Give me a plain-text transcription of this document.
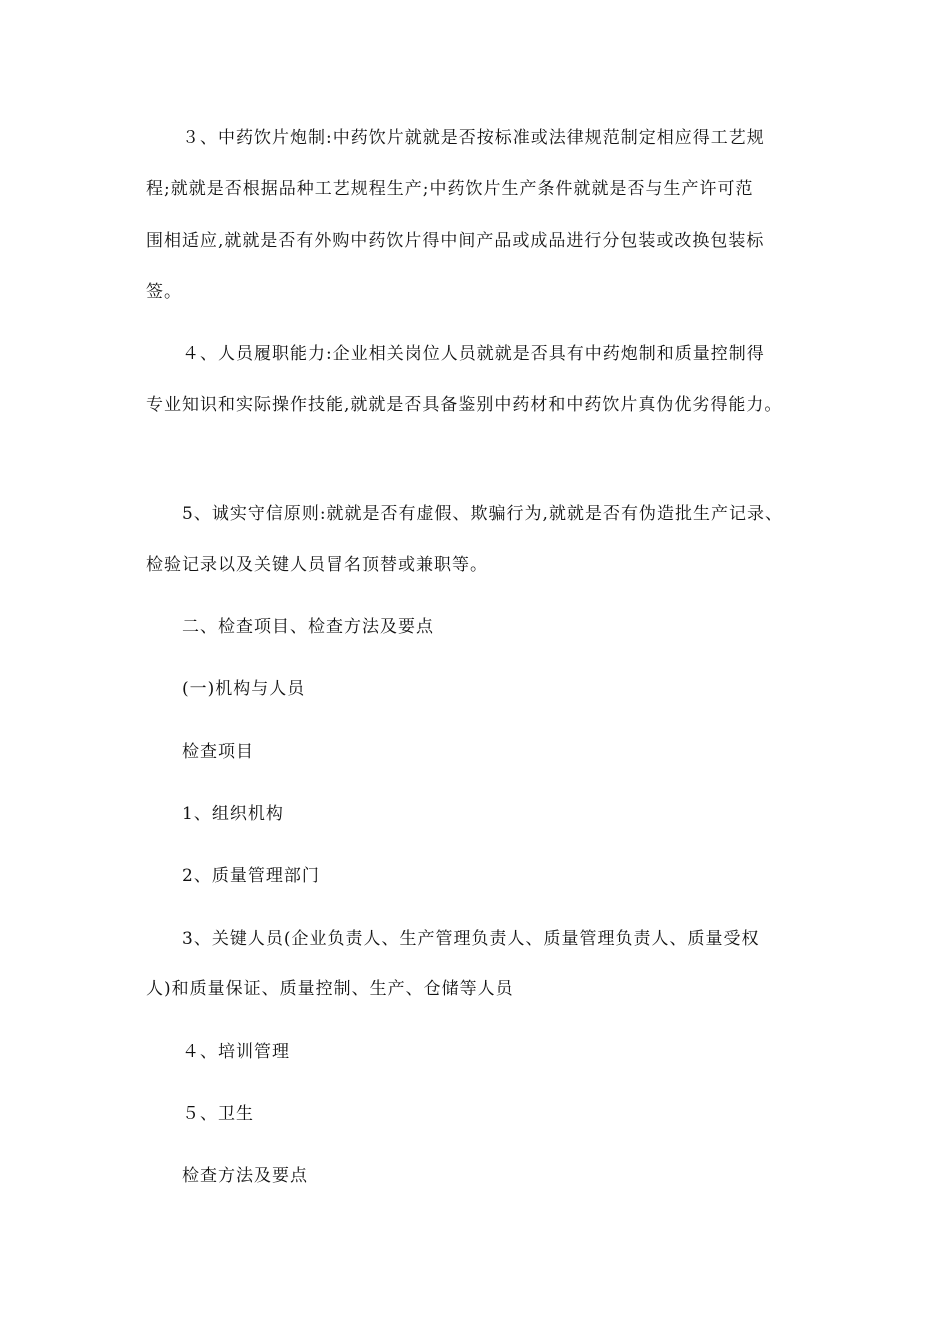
３、中药饮片炮制:中药饮片就就是否按标准或法律规范制定相应得工艺规
程;就就是否根据品种工艺规程生产;中药饮片生产条件就就是否与生产许可范
围相适应,就就是否有外购中药饮片得中间产品或成品进行分包装或改换包装标
签。
４、人员履职能力:企业相关岗位人员就就是否具有中药炮制和质量控制得
专业知识和实际操作技能,就就是否具备鉴别中药材和中药饮片真伪优劣得能力。
5、诚实守信原则:就就是否有虚假、欺骗行为,就就是否有伪造批生产记录、
检验记录以及关键人员冒名顶替或兼职等。
二、检查项目、检查方法及要点
(一)机构与人员
检查项目
1、组织机构
2、质量管理部门
3、关键人员(企业负责人、生产管理负责人、质量管理负责人、质量受权
人)和质量保证、质量控制、生产、仓储等人员
４、培训管理
５、卫生
检查方法及要点
